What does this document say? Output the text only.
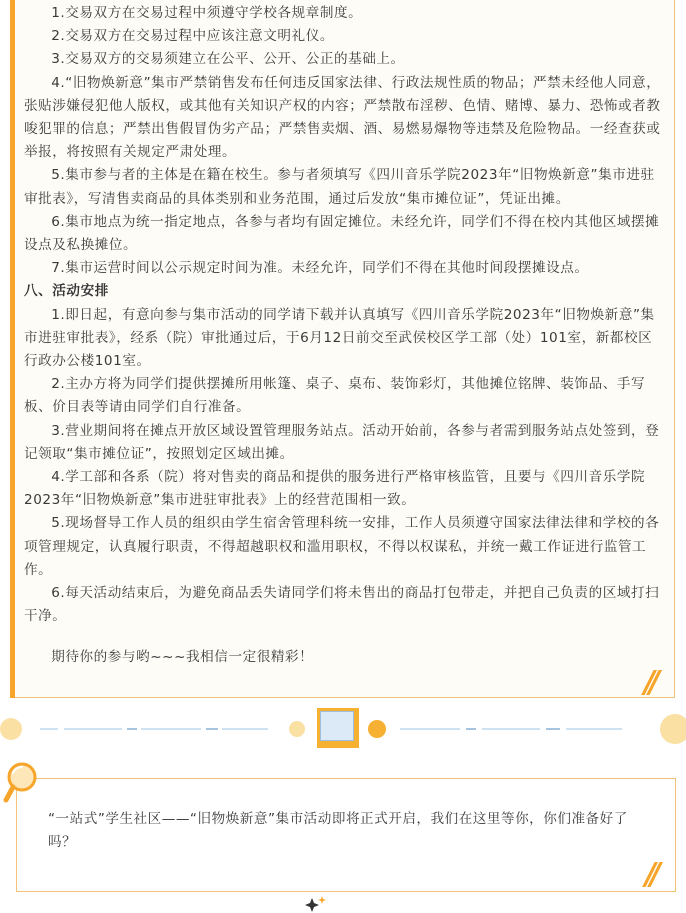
1.交易双方在交易过程中须遵守学校各规章制度。

2.交易双方在交易过程中应该注意文明礼仪。

3.交易双方的交易须建立在公平、公开、公正的基础上。

4.“旧物焕新意”集市严禁销售发布任何违反国家法律、行政法规性质的物品；严禁未经他人同意，张贴涉嫌侵犯他人版权，或其他有关知识产权的内容；严禁散布淫秽、色情、赌博、暴力、恐怖或者教唆犯罪的信息；严禁出售假冒伪劣产品；严禁售卖烟、酒、易燃易爆物等违禁及危险物品。一经查获或举报，将按照有关规定严肃处理。

5.集市参与者的主体是在籍在校生。参与者须填写《四川音乐学院2023年“旧物焕新意”集市进驻审批表》，写清售卖商品的具体类别和业务范围，通过后发放“集市摊位证”，凭证出摊。

6.集市地点为统一指定地点，各参与者均有固定摊位。未经允许，同学们不得在校内其他区域摆摊设点及私换摊位。

7.集市运营时间以公示规定时间为准。未经允许，同学们不得在其他时间段摆摊设点。

八、活动安排

1.即日起，有意向参与集市活动的同学请下载并认真填写《四川音乐学院2023年“旧物焕新意”集市进驻审批表》，经系（院）审批通过后，于6月12日前交至武侯校区学工部（处）101室，新都校区行政办公楼101室。

2.主办方将为同学们提供摆摊所用帐篷、桌子、桌布、装饰彩灯，其他摊位铭牌、装饰品、手写板、价目表等请由同学们自行准备。

3.营业期间将在摊点开放区域设置管理服务站点。活动开始前，各参与者需到服务站点处签到，登记领取“集市摊位证”，按照划定区域出摊。

4.学工部和各系（院）将对售卖的商品和提供的服务进行严格审核监管，且要与《四川音乐学院2023年“旧物焕新意”集市进驻审批表》上的经营范围相一致。

5.现场督导工作人员的组织由学生宿舍管理科统一安排，工作人员须遵守国家法律法律和学校的各项管理规定，认真履行职责，不得超越职权和滥用职权，不得以权谋私，并统一戴工作证进行监管工作。

6.每天活动结束后，为避免商品丢失请同学们将未售出的商品打包带走，并把自己负责的区域打扫干净。

期待你的参与哟~~~我相信一定很精彩！

//

“一站式”学生社区——“旧物焕新意”集市活动即将正式开启，我们在这里等你，你们准备好了吗？

//
